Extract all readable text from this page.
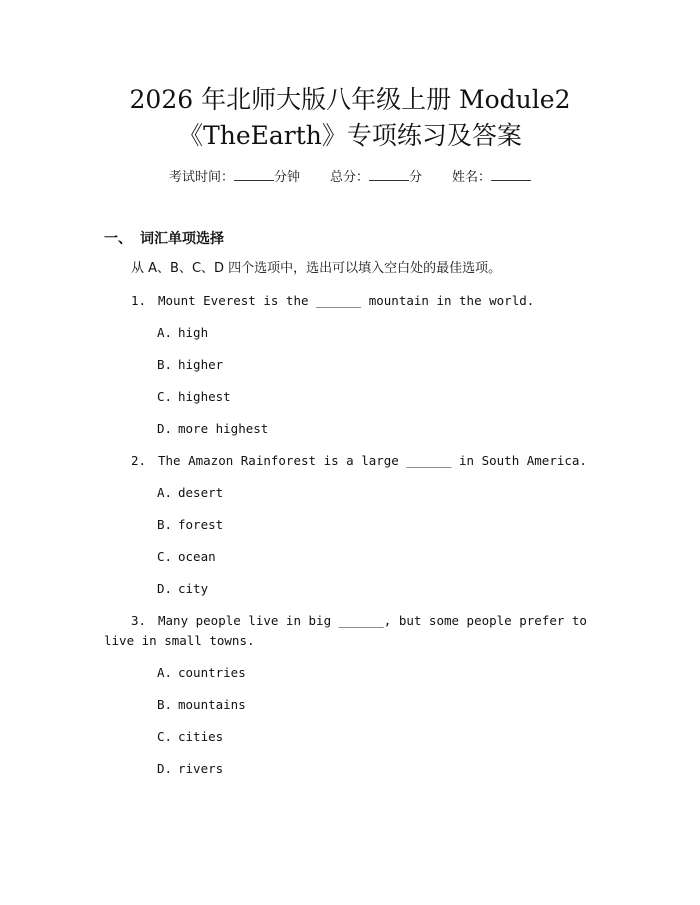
2026 年北师大版八年级上册 Module2
《TheEarth》专项练习及答案
考试时间：	分钟 总分：	分 姓名：
一、 词汇单项选择
从 A、B、C、D 四个选项中，选出可以填入空白处的最佳选项。
1. Mount Everest is the ______ mountain in the world.
A. high
B. higher
C. highest
D. more highest
2. The Amazon Rainforest is a large ______ in South America.
A. desert
B. forest
C. ocean
D. city
3. Many people live in big ______, but some people prefer to live in small towns.
A. countries
B. mountains
C. cities
D. rivers
